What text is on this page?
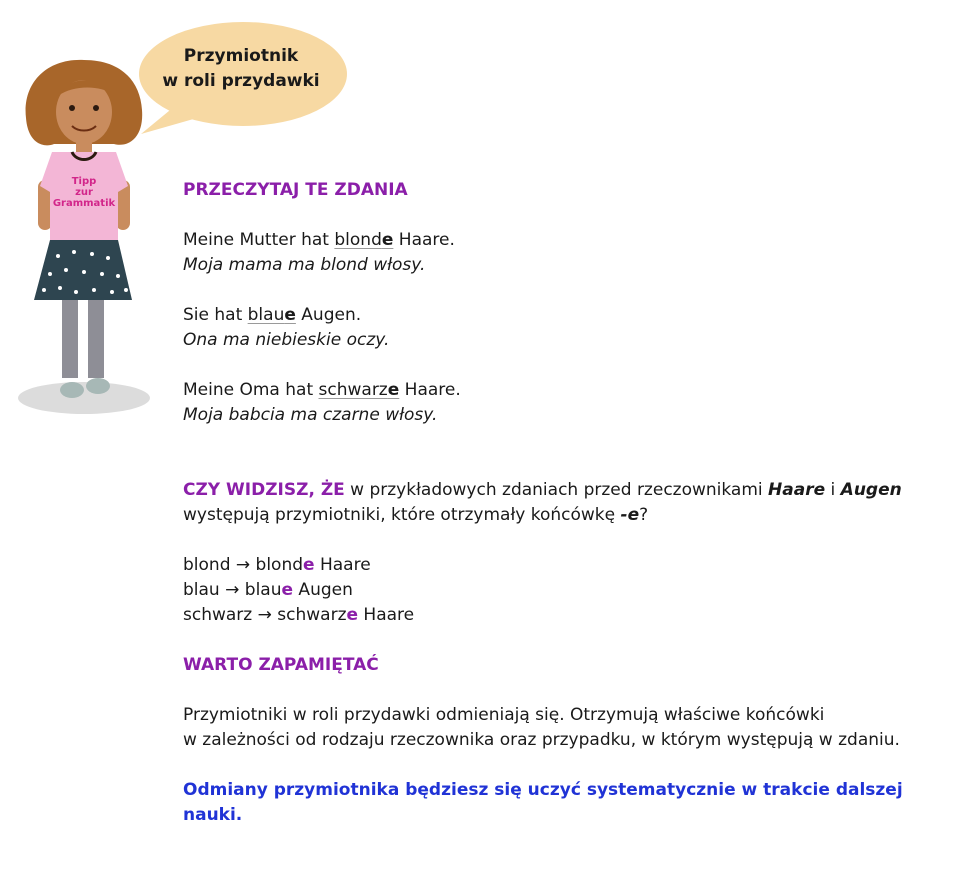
Przymiotnik
w roli przydawki
Tipp
zur
Grammatik

PRZECZYTAJ TE ZDANIA

Meine Mutter hat blonde Haare.

Moja mama ma blond włosy.

Sie hat blaue Augen.

Ona ma niebieskie oczy.

Meine Oma hat schwarze Haare.

Moja babcia ma czarne włosy.

CZY WIDZISZ, ŻE w przykładowych zdaniach przed rzeczownikami Haare i Augen
występują przymiotniki, które otrzymały końcówkę -e?

blond → blonde Haare

blau → blaue Augen

schwarz → schwarze Haare

WARTO ZAPAMIĘTAĆ

Przymiotniki w roli przydawki odmieniają się. Otrzymują właściwe końcówki

w zależności od rodzaju rzeczownika oraz przypadku, w którym występują w zdaniu.

Odmiany przymiotnika będziesz się uczyć systematycznie w trakcie dalszej nauki.
